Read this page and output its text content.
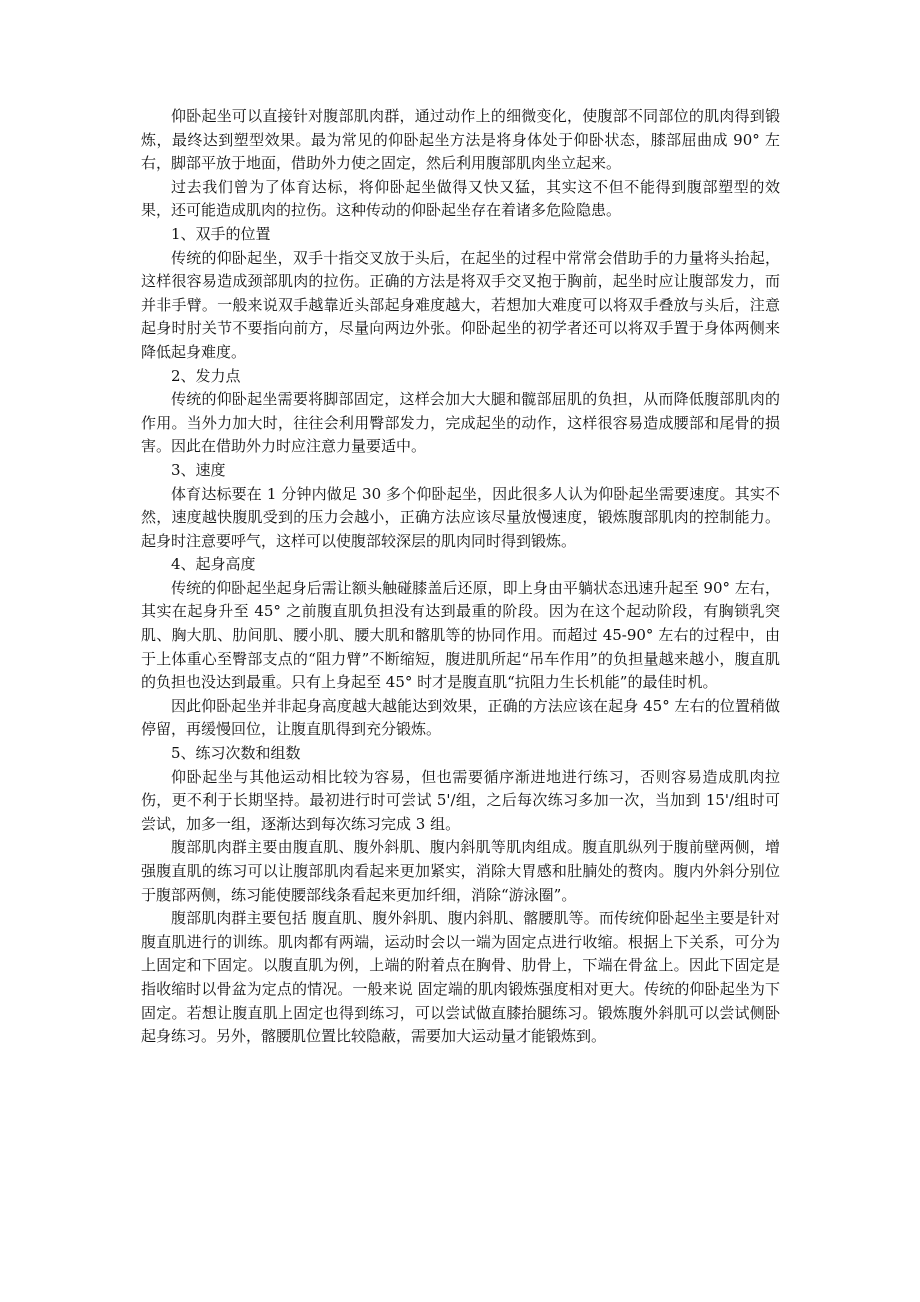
仰卧起坐可以直接针对腹部肌肉群，通过动作上的细微变化，使腹部不同部位的肌肉得到锻炼，最终达到塑型效果。最为常见的仰卧起坐方法是将身体处于仰卧状态，膝部屈曲成 90° 左右，脚部平放于地面，借助外力使之固定，然后利用腹部肌肉坐立起来。

过去我们曾为了体育达标，将仰卧起坐做得又快又猛，其实这不但不能得到腹部塑型的效果，还可能造成肌肉的拉伤。这种传动的仰卧起坐存在着诸多危险隐患。

1、双手的位置

传统的仰卧起坐，双手十指交叉放于头后，在起坐的过程中常常会借助手的力量将头抬起，这样很容易造成颈部肌肉的拉伤。正确的方法是将双手交叉抱于胸前，起坐时应让腹部发力，而并非手臂。一般来说双手越靠近头部起身难度越大，若想加大难度可以将双手叠放与头后，注意起身时肘关节不要指向前方，尽量向两边外张。仰卧起坐的初学者还可以将双手置于身体两侧来降低起身难度。

2、发力点

传统的仰卧起坐需要将脚部固定，这样会加大大腿和髋部屈肌的负担，从而降低腹部肌肉的作用。当外力加大时，往往会利用臀部发力，完成起坐的动作，这样很容易造成腰部和尾骨的损害。因此在借助外力时应注意力量要适中。

3、速度

体育达标要在 1 分钟内做足 30 多个仰卧起坐，因此很多人认为仰卧起坐需要速度。其实不然，速度越快腹肌受到的压力会越小，正确方法应该尽量放慢速度，锻炼腹部肌肉的控制能力。起身时注意要呼气，这样可以使腹部较深层的肌肉同时得到锻炼。

4、起身高度

传统的仰卧起坐起身后需让额头触碰膝盖后还原，即上身由平躺状态迅速升起至 90° 左右，其实在起身升至 45° 之前腹直肌负担没有达到最重的阶段。因为在这个起动阶段，有胸锁乳突肌、胸大肌、肋间肌、腰小肌、腰大肌和髂肌等的协同作用。而超过 45-90° 左右的过程中，由于上体重心至臀部支点的“阻力臂”不断缩短，腹进肌所起“吊车作用”的负担量越来越小，腹直肌的负担也没达到最重。只有上身起至 45° 时才是腹直肌“抗阻力生长机能”的最佳时机。

因此仰卧起坐并非起身高度越大越能达到效果，正确的方法应该在起身 45° 左右的位置稍做停留，再缓慢回位，让腹直肌得到充分锻炼。

5、练习次数和组数

仰卧起坐与其他运动相比较为容易，但也需要循序渐进地进行练习，否则容易造成肌肉拉伤，更不利于长期坚持。最初进行时可尝试 5'/组，之后每次练习多加一次，当加到 15'/组时可尝试，加多一组，逐渐达到每次练习完成 3 组。

腹部肌肉群主要由腹直肌、腹外斜肌、腹内斜肌等肌肉组成。腹直肌纵列于腹前壁两侧，增强腹直肌的练习可以让腹部肌肉看起来更加紧实，消除大胃感和肚腩处的赘肉。腹内外斜分别位于腹部两侧，练习能使腰部线条看起来更加纤细，消除“游泳圈”。

腹部肌肉群主要包括 腹直肌、腹外斜肌、腹内斜肌、髂腰肌等。而传统仰卧起坐主要是针对腹直肌进行的训练。肌肉都有两端，运动时会以一端为固定点进行收缩。根据上下关系，可分为上固定和下固定。以腹直肌为例，上端的附着点在胸骨、肋骨上，下端在骨盆上。因此下固定是指收缩时以骨盆为定点的情况。一般来说 固定端的肌肉锻炼强度相对更大。传统的仰卧起坐为下固定。若想让腹直肌上固定也得到练习，可以尝试做直膝抬腿练习。锻炼腹外斜肌可以尝试侧卧起身练习。另外，髂腰肌位置比较隐蔽，需要加大运动量才能锻炼到。
